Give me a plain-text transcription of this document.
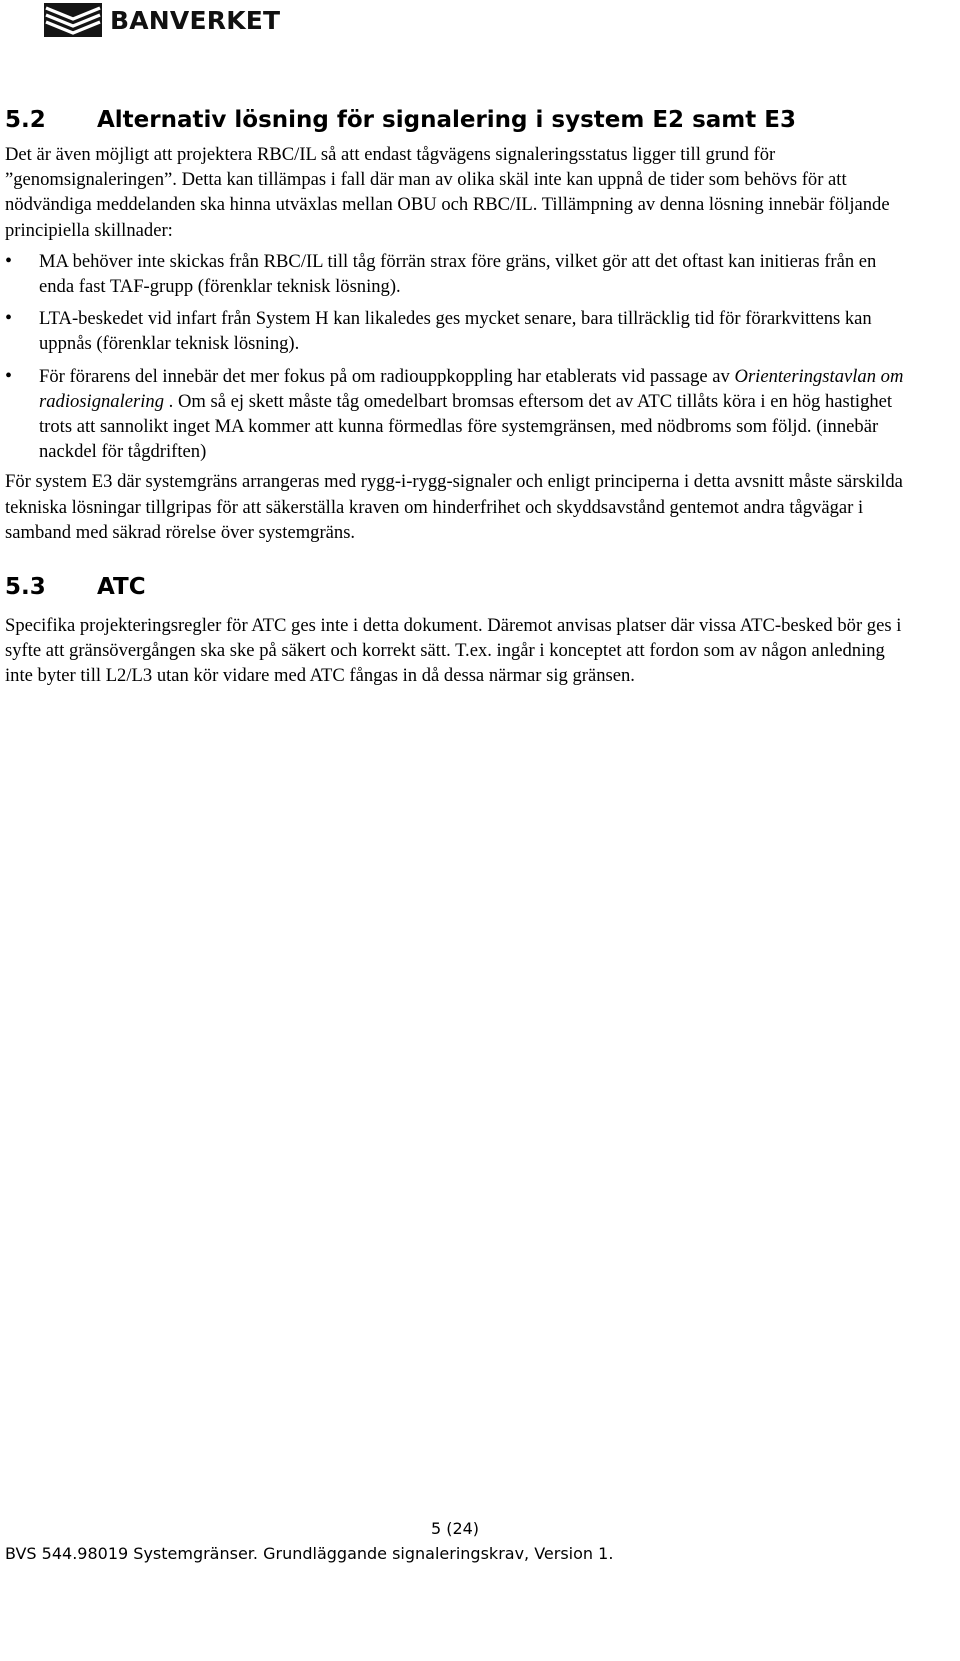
BANVERKET
5.2 Alternativ lösning för signalering i system E2 samt E3

Det är även möjligt att projektera RBC/IL så att endast tågvägens signaleringsstatus ligger till grund för ”genomsignaleringen”. Detta kan tillämpas i fall där man av olika skäl inte kan uppnå de tider som behövs för att nödvändiga meddelanden ska hinna utväxlas mellan OBU och RBC/IL. Tillämpning av denna lösning innebär följande principiella skillnader:

• MA behöver inte skickas från RBC/IL till tåg förrän strax före gräns, vilket gör att det oftast kan initieras från en enda fast TAF-grupp (förenklar teknisk lösning).
• LTA-beskedet vid infart från System H kan likaledes ges mycket senare, bara tillräcklig tid för förarkvittens kan uppnås (förenklar teknisk lösning).
• För förarens del innebär det mer fokus på om radiouppkoppling har etablerats vid passage av Orienteringstavlan om radiosignalering . Om så ej skett måste tåg omedelbart bromsas eftersom det av ATC tillåts köra i en hög hastighet trots att sannolikt inget MA kommer att kunna förmedlas före systemgränsen, med nödbroms som följd. (innebär nackdel för tågdriften)

För system E3 där systemgräns arrangeras med rygg-i-rygg-signaler och enligt principerna i detta avsnitt måste särskilda tekniska lösningar tillgripas för att säkerställa kraven om hinderfrihet och skyddsavstånd gentemot andra tågvägar i samband med säkrad rörelse över systemgräns.

5.3 ATC

Specifika projekteringsregler för ATC ges inte i detta dokument. Däremot anvisas platser där vissa ATC-besked bör ges i syfte att gränsövergången ska ske på säkert och korrekt sätt. T.ex. ingår i konceptet att fordon som av någon anledning inte byter till L2/L3 utan kör vidare med ATC fångas in då dessa närmar sig gränsen.

5 (24)
BVS 544.98019 Systemgränser. Grundläggande signaleringskrav, Version 1.
